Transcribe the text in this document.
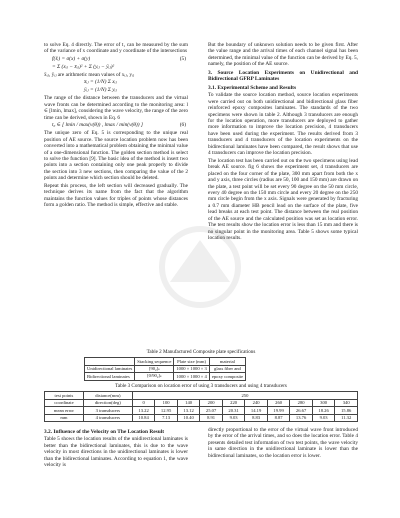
to solve Eq. 4 directly. The error of t₁ can be measured by the sum of the variance of x coordinate and y coordinate of the intersections

f(ℓᵢ) = σ(x) + σ(y)	(5)
= Σ (xᵢⱼ − x̄ᵢⱼ)² + Σ (yᵢⱼ − ȳᵢⱼ)²

x̄ᵢⱼ, ȳᵢⱼ are arithmetic mean values of xᵢⱼ, yᵢⱼ

x̄ᵢⱼ = (1/N) Σ xᵢⱼ
ȳᵢⱼ = (1/N) Σ yᵢⱼ

The range of the distance between the transducers and the virtual wave fronts can be determined according to the monitoring area: l ∈ [lmin, lmax], considering the wave velocity, the range of the zero time can be derived, shown in Eq. 6

t₀ ∈ [ lmin / max(v(θ)) , lmax / min(v(θ)) ]	(6)

The unique zero of Eq. 5 is corresponding to the unique real position of AE source. The source location problem now has been converted into a mathematical problem obtaining the minimal value of a one-dimensional function. The golden section method is select to solve the function [9]. The basic idea of the method is insert two points into a section containing only one peak properly to divide the section into 3 new sections, then comparing the value of the 2 points and determine which section should be deleted.

Repeat this process, the left section will decreased gradually. The technique derives its name from the fact that the algorithm maintains the function values for triples of points whose distances form a golden ratio. The method is simple, effective and stable.

But the boundary of unknown solution needs to be given first. After the value range and the arrival times of each channel signal has been determined, the minimal value of the function can be derived by Eq. 5, namely, the position of the AE source.

3. Source Location Experiments on Unidirectional and Bidirectional GFRP Laminates
3.1. Experimental Scheme and Results

To validate the source location method, source location experiments were carried out on both unidirectional and bidirectional glass fiber reinforced epoxy composites laminates. The standards of the two specimens were shown in table 2. Although 3 transducers are enough for the location operation, more transducers are deployed to gather more information to improve the location precision, 4 transducers have been used during the experiment. The results derived from 3 transducers and 4 transducers of the location experiments on the bidirectional laminates have been compared, the result shows that use 4 transducers can improve the location precision.

The location test has been carried out on the two specimens using lead break AE source. fig 6 shows the experiment set, 4 transducers are placed on the four corner of the plate, 300 mm apart from both the x and y axis, three circles (radius are 50, 100 and 150 mm) are drawn on the plate, a test point will be set every 90 degree on the 50 mm circle, every 40 degree on the 150 mm circle and every 20 degree on the 250 mm circle begin from the x axis. Signals were generated by fracturing a 0.7 mm diameter HB pencil lead on the surface of the plate, five lead breaks at each test point. The distance between the real position of the AE source and the calculated position was set as location error. The test results show the location error is less than 15 mm and there is no singular point in the monitoring area. Table 5 shows some typical location results.

Table 2 Manufactured Composite plate specifications
	Stacking sequence	Plate size (mm)	material
Unidirectional laminates	[90₂]ₛ	1000 × 1000 × 3	glass fiber and
Bidirectional laminates	[0/90₂]ₛ	1000 × 1000 × 4	epoxy composite
Table 3 Comparison on location error of using 3 transducers and using 4 transducers
test points	distance(mm)	250									
coordinate	direction(deg)	0	100	140	200	220	240	260	280	300	340
mean error	3 transducers	13.22	12.95	13.12	25.07	20.31	14.19	19.99	26.67	18.26	15.86
mm	4 transducers	10.84	7.13	10.40	8.91	9.03	8.83	8.87	13.76	9.03	11.32
3.2. Influence of the Velocity on The Location Result

Table 5 shows the location results of the unidirectional laminates is better than the bidirectional laminates, this is due to the wave velocity in most directions in the unidirectional laminates is lower than the bidirectional laminates. According to equation 1, the wave velocity is

directly proportional to the error of the virtual wave front introduced by the error of the arrival times, and so does the location error. Table 4 presents detailed test information of two test points, the wave velocity in same direction in the unidirectional laminate is lower than the bidirectional laminates, so the location error is lower.
